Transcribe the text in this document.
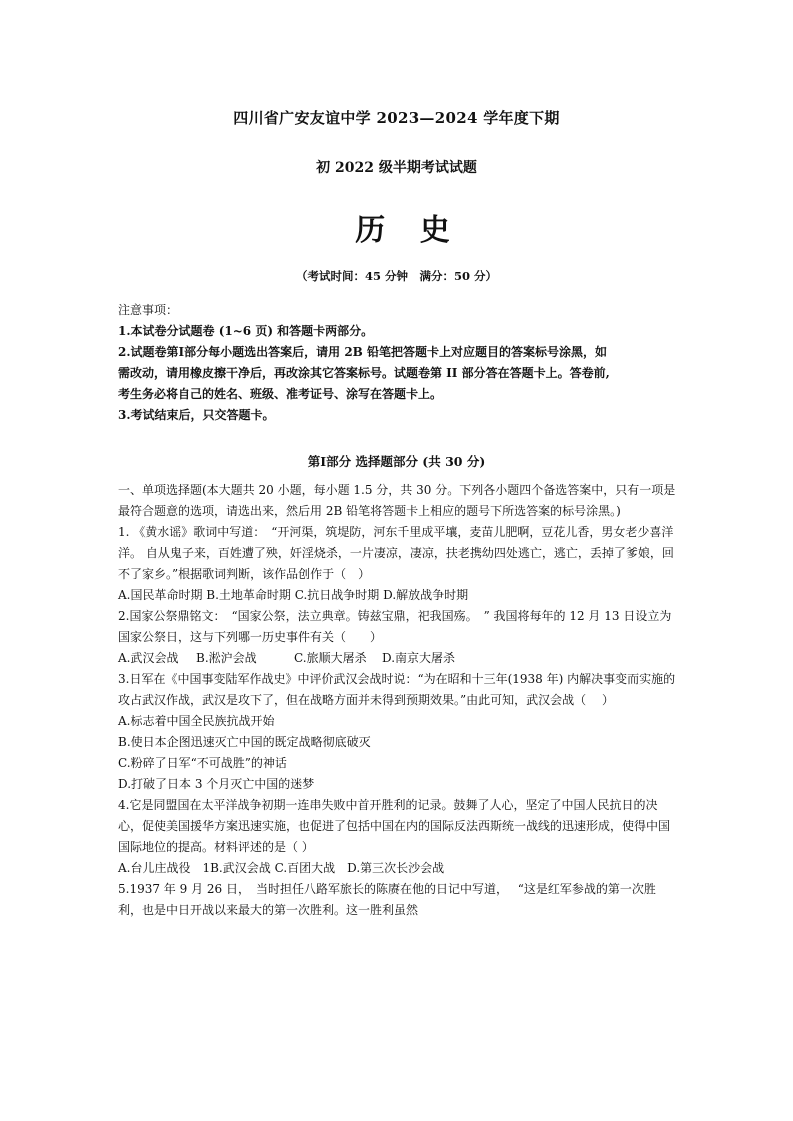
四川省广安友谊中学 2023—2024 学年度下期
初 2022 级半期考试试题
历 史
（考试时间：45 分钟　满分：50 分）
注意事项：
1.本试卷分试题卷 (1~6 页) 和答题卡两部分。
2.试题卷第Ⅰ部分每小题选出答案后，请用 2B 铅笔把答题卡上对应题目的答案标号涂黑，如
需改动，请用橡皮擦干净后，再改涂其它答案标号。试题卷第 II 部分答在答题卡上。答卷前,
考生务必将自己的姓名、班级、准考证号、涂写在答题卡上。
3.考试结束后，只交答题卡。
第Ⅰ部分 选择题部分 (共 30 分)
一、单项选择题(本大题共 20 小题，每小题 1.5 分，共 30 分。下列各小题四个备选答案中，只有一项是最符合题意的选项，请选出来，然后用 2B 铅笔将答题卡上相应的题号下所选答案的标号涂黑。)
1. 《黄水谣》歌词中写道：　“开河渠，筑堤防，河东千里成平壤，麦苗儿肥啊，豆花儿香，男女老少喜洋洋。 自从鬼子来，百姓遭了殃，奸淫烧杀，一片凄凉，凄凉，扶老携幼四处逃亡，逃亡，丢掉了爹娘，回不了家乡。”根据歌词判断，该作品创作于（　）
A.国民革命时期 B.土地革命时期 C.抗日战争时期 D.解放战争时期
2.国家公祭鼎铭文：　“国家公祭，法立典章。铸兹宝鼎，祀我国殇。　” 我国将每年的 12 月 13 日设立为国家公祭日，这与下列哪一历史事件有关（　　）
A.武汉会战	B.淞沪会战	C.旅顺大屠杀	D.南京大屠杀
3.日军在《中国事变陆军作战史》中评价武汉会战时说：“为在昭和十三年(1938 年) 内解决事变而实施的攻占武汉作战，武汉是攻下了，但在战略方面并未得到预期效果。”由此可知，武汉会战（　 ）
A.标志着中国全民族抗战开始
B.使日本企图迅速灭亡中国的既定战略彻底破灭
C.粉碎了日军“不可战胜”的神话
D.打破了日本 3 个月灭亡中国的迷梦
4.它是同盟国在太平洋战争初期一连串失败中首开胜利的记录。鼓舞了人心，坚定了中国人民抗日的决心，促使美国援华方案迅速实施，也促进了包括中国在内的国际反法西斯统一战线的迅速形成，使得中国国际地位的提高。材料评述的是（ ）
A.台儿庄战役　1B.武汉会战 C.百团大战　D.第三次长沙会战
5.1937 年 9 月 26 日，　当时担任八路军旅长的陈赓在他的日记中写道，　 “这是红军参战的第一次胜利，也是中日开战以来最大的第一次胜利。这一胜利虽然
